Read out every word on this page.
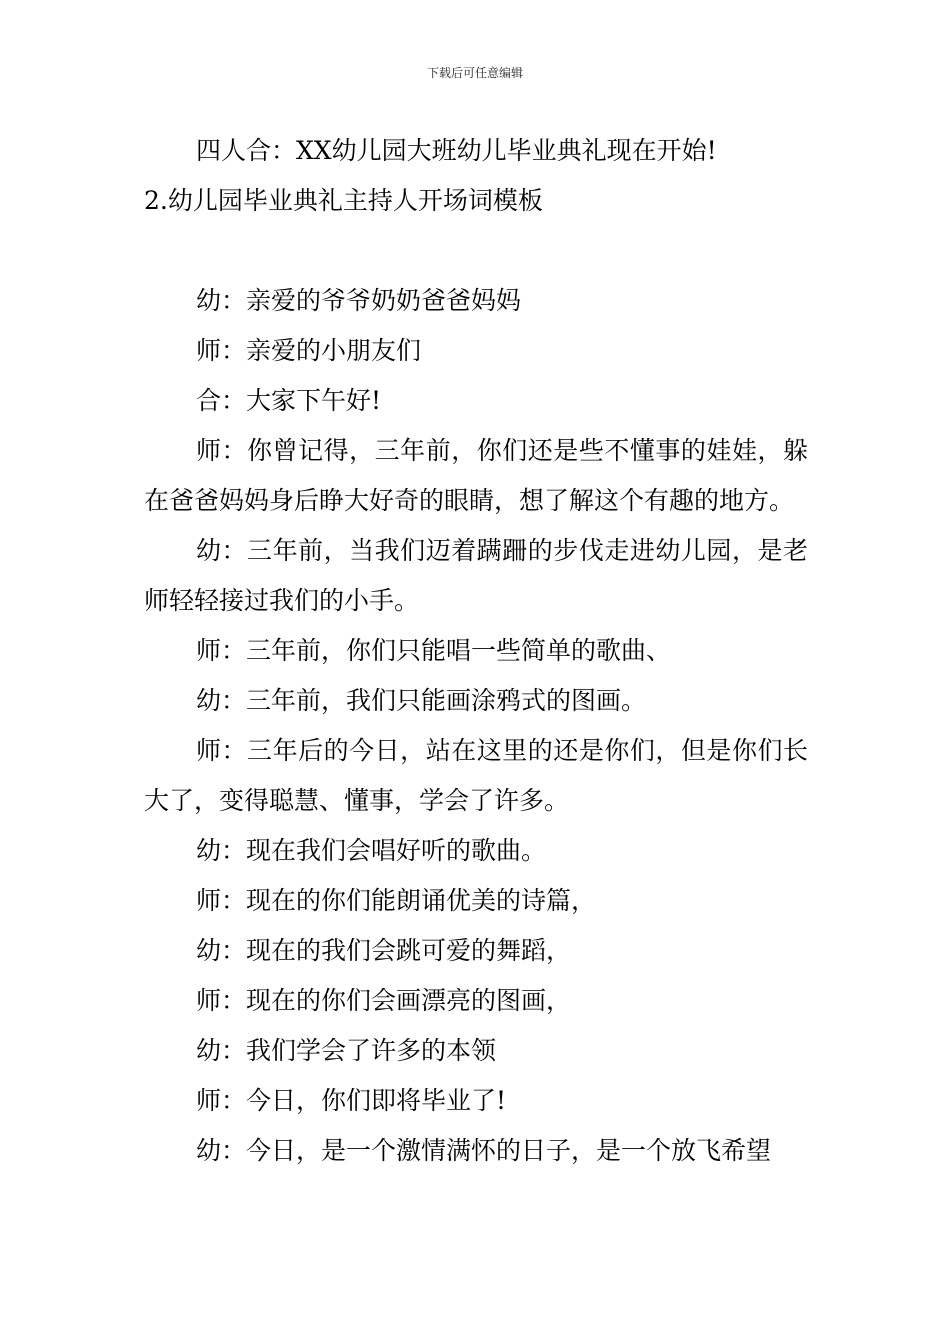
下载后可任意编辑

四人合：XX幼儿园大班幼儿毕业典礼现在开始!

2.幼儿园毕业典礼主持人开场词模板

幼：亲爱的爷爷奶奶爸爸妈妈

师：亲爱的小朋友们

合：大家下午好!

师：你曾记得，三年前，你们还是些不懂事的娃娃，躲在爸爸妈妈身后睁大好奇的眼睛，想了解这个有趣的地方。

幼：三年前，当我们迈着蹒跚的步伐走进幼儿园，是老师轻轻接过我们的小手。

师：三年前，你们只能唱一些简单的歌曲、

幼：三年前，我们只能画涂鸦式的图画。

师：三年后的今日，站在这里的还是你们，但是你们长大了，变得聪慧、懂事，学会了许多。

幼：现在我们会唱好听的歌曲。

师：现在的你们能朗诵优美的诗篇，

幼：现在的我们会跳可爱的舞蹈，

师：现在的你们会画漂亮的图画，

幼：我们学会了许多的本领

师：今日，你们即将毕业了!

幼：今日，是一个激情满怀的日子，是一个放飞希望
